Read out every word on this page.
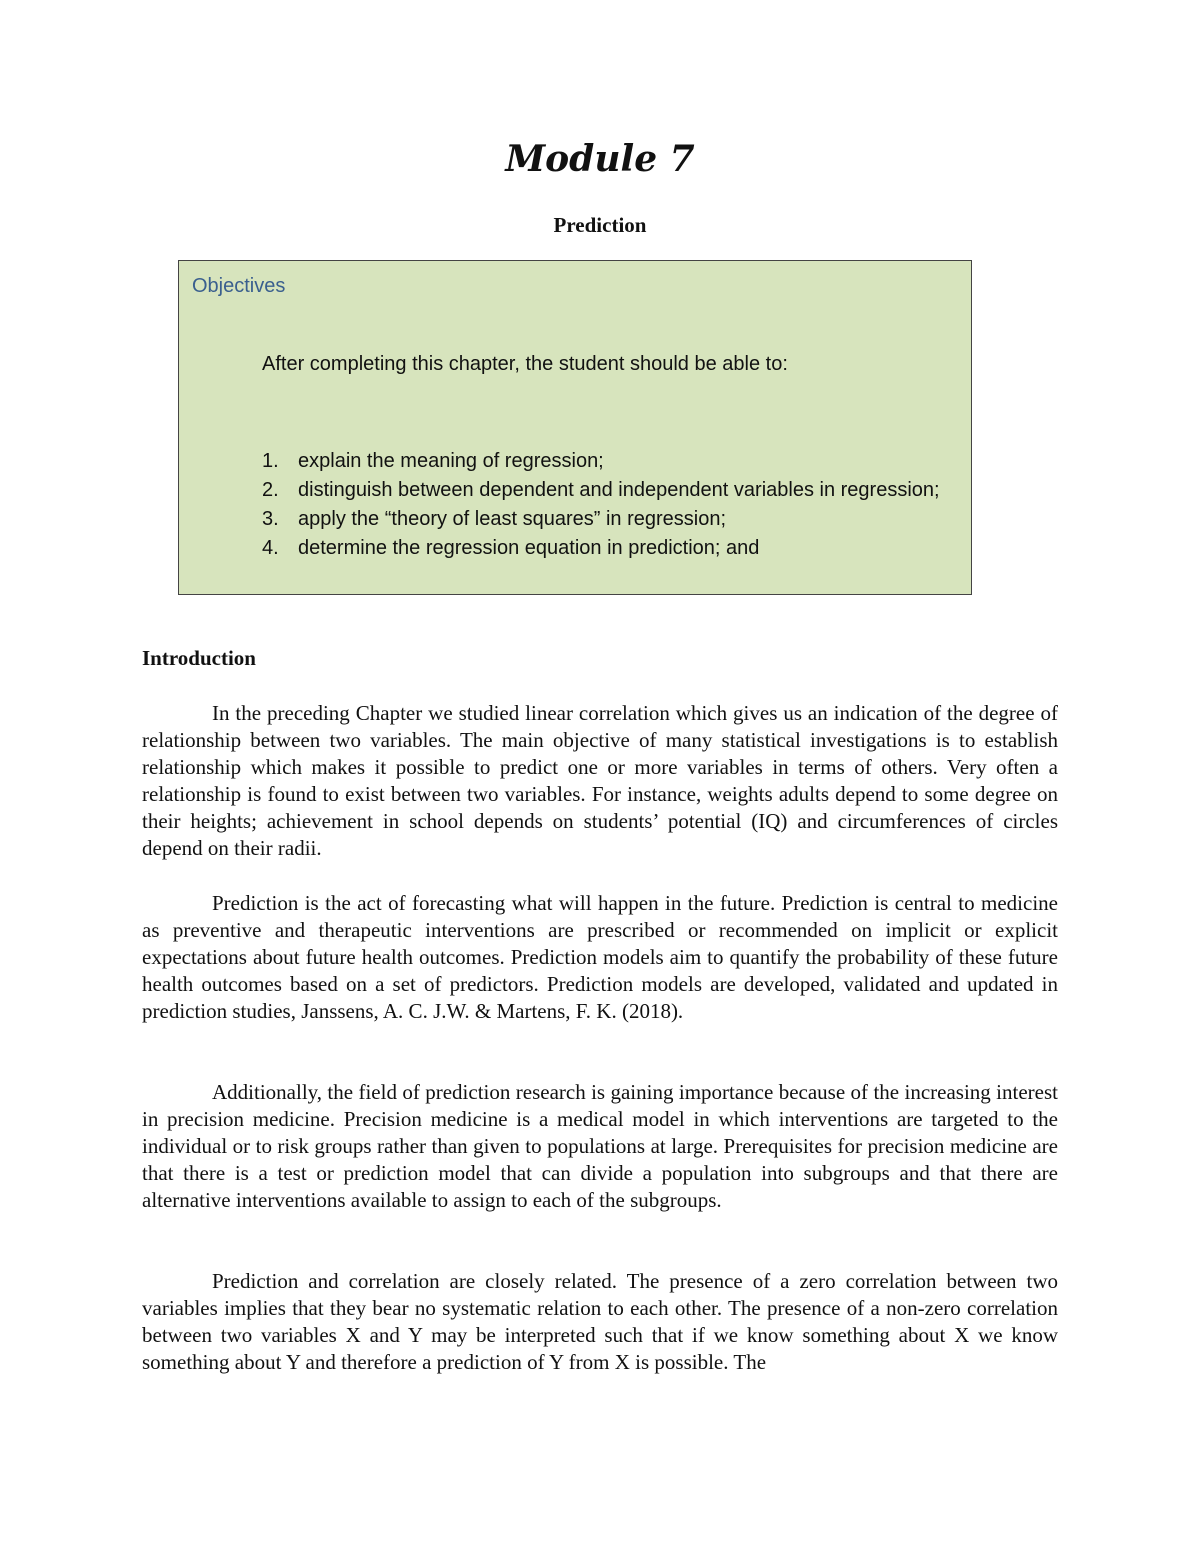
Module 7
Prediction

Objectives

After completing this chapter, the student should be able to:

1. explain the meaning of regression;
2. distinguish between dependent and independent variables in regression;
3. apply the “theory of least squares” in regression;
4. determine the regression equation in prediction; and
Introduction

In the preceding Chapter we studied linear correlation which gives us an indication of the degree of relationship between two variables. The main objective of many statistical investigations is to establish relationship which makes it possible to predict one or more variables in terms of others. Very often a relationship is found to exist between two variables. For instance, weights adults depend to some degree on their heights; achievement in school depends on students’ potential (IQ) and circumferences of circles depend on their radii.

Prediction is the act of forecasting what will happen in the future. Prediction is central to medicine as preventive and therapeutic interventions are prescribed or recommended on implicit or explicit expectations about future health outcomes. Prediction models aim to quantify the probability of these future health outcomes based on a set of predictors. Prediction models are developed, validated and updated in prediction studies, Janssens, A. C. J.W. & Martens, F. K. (2018).

Additionally, the field of prediction research is gaining importance because of the increasing interest in precision medicine. Precision medicine is a medical model in which interventions are targeted to the individual or to risk groups rather than given to populations at large. Prerequisites for precision medicine are that there is a test or prediction model that can divide a population into subgroups and that there are alternative interventions available to assign to each of the subgroups.

Prediction and correlation are closely related. The presence of a zero correlation between two variables implies that they bear no systematic relation to each other. The presence of a non-zero correlation between two variables X and Y may be interpreted such that if we know something about X we know something about Y and therefore a prediction of Y from X is possible. The
